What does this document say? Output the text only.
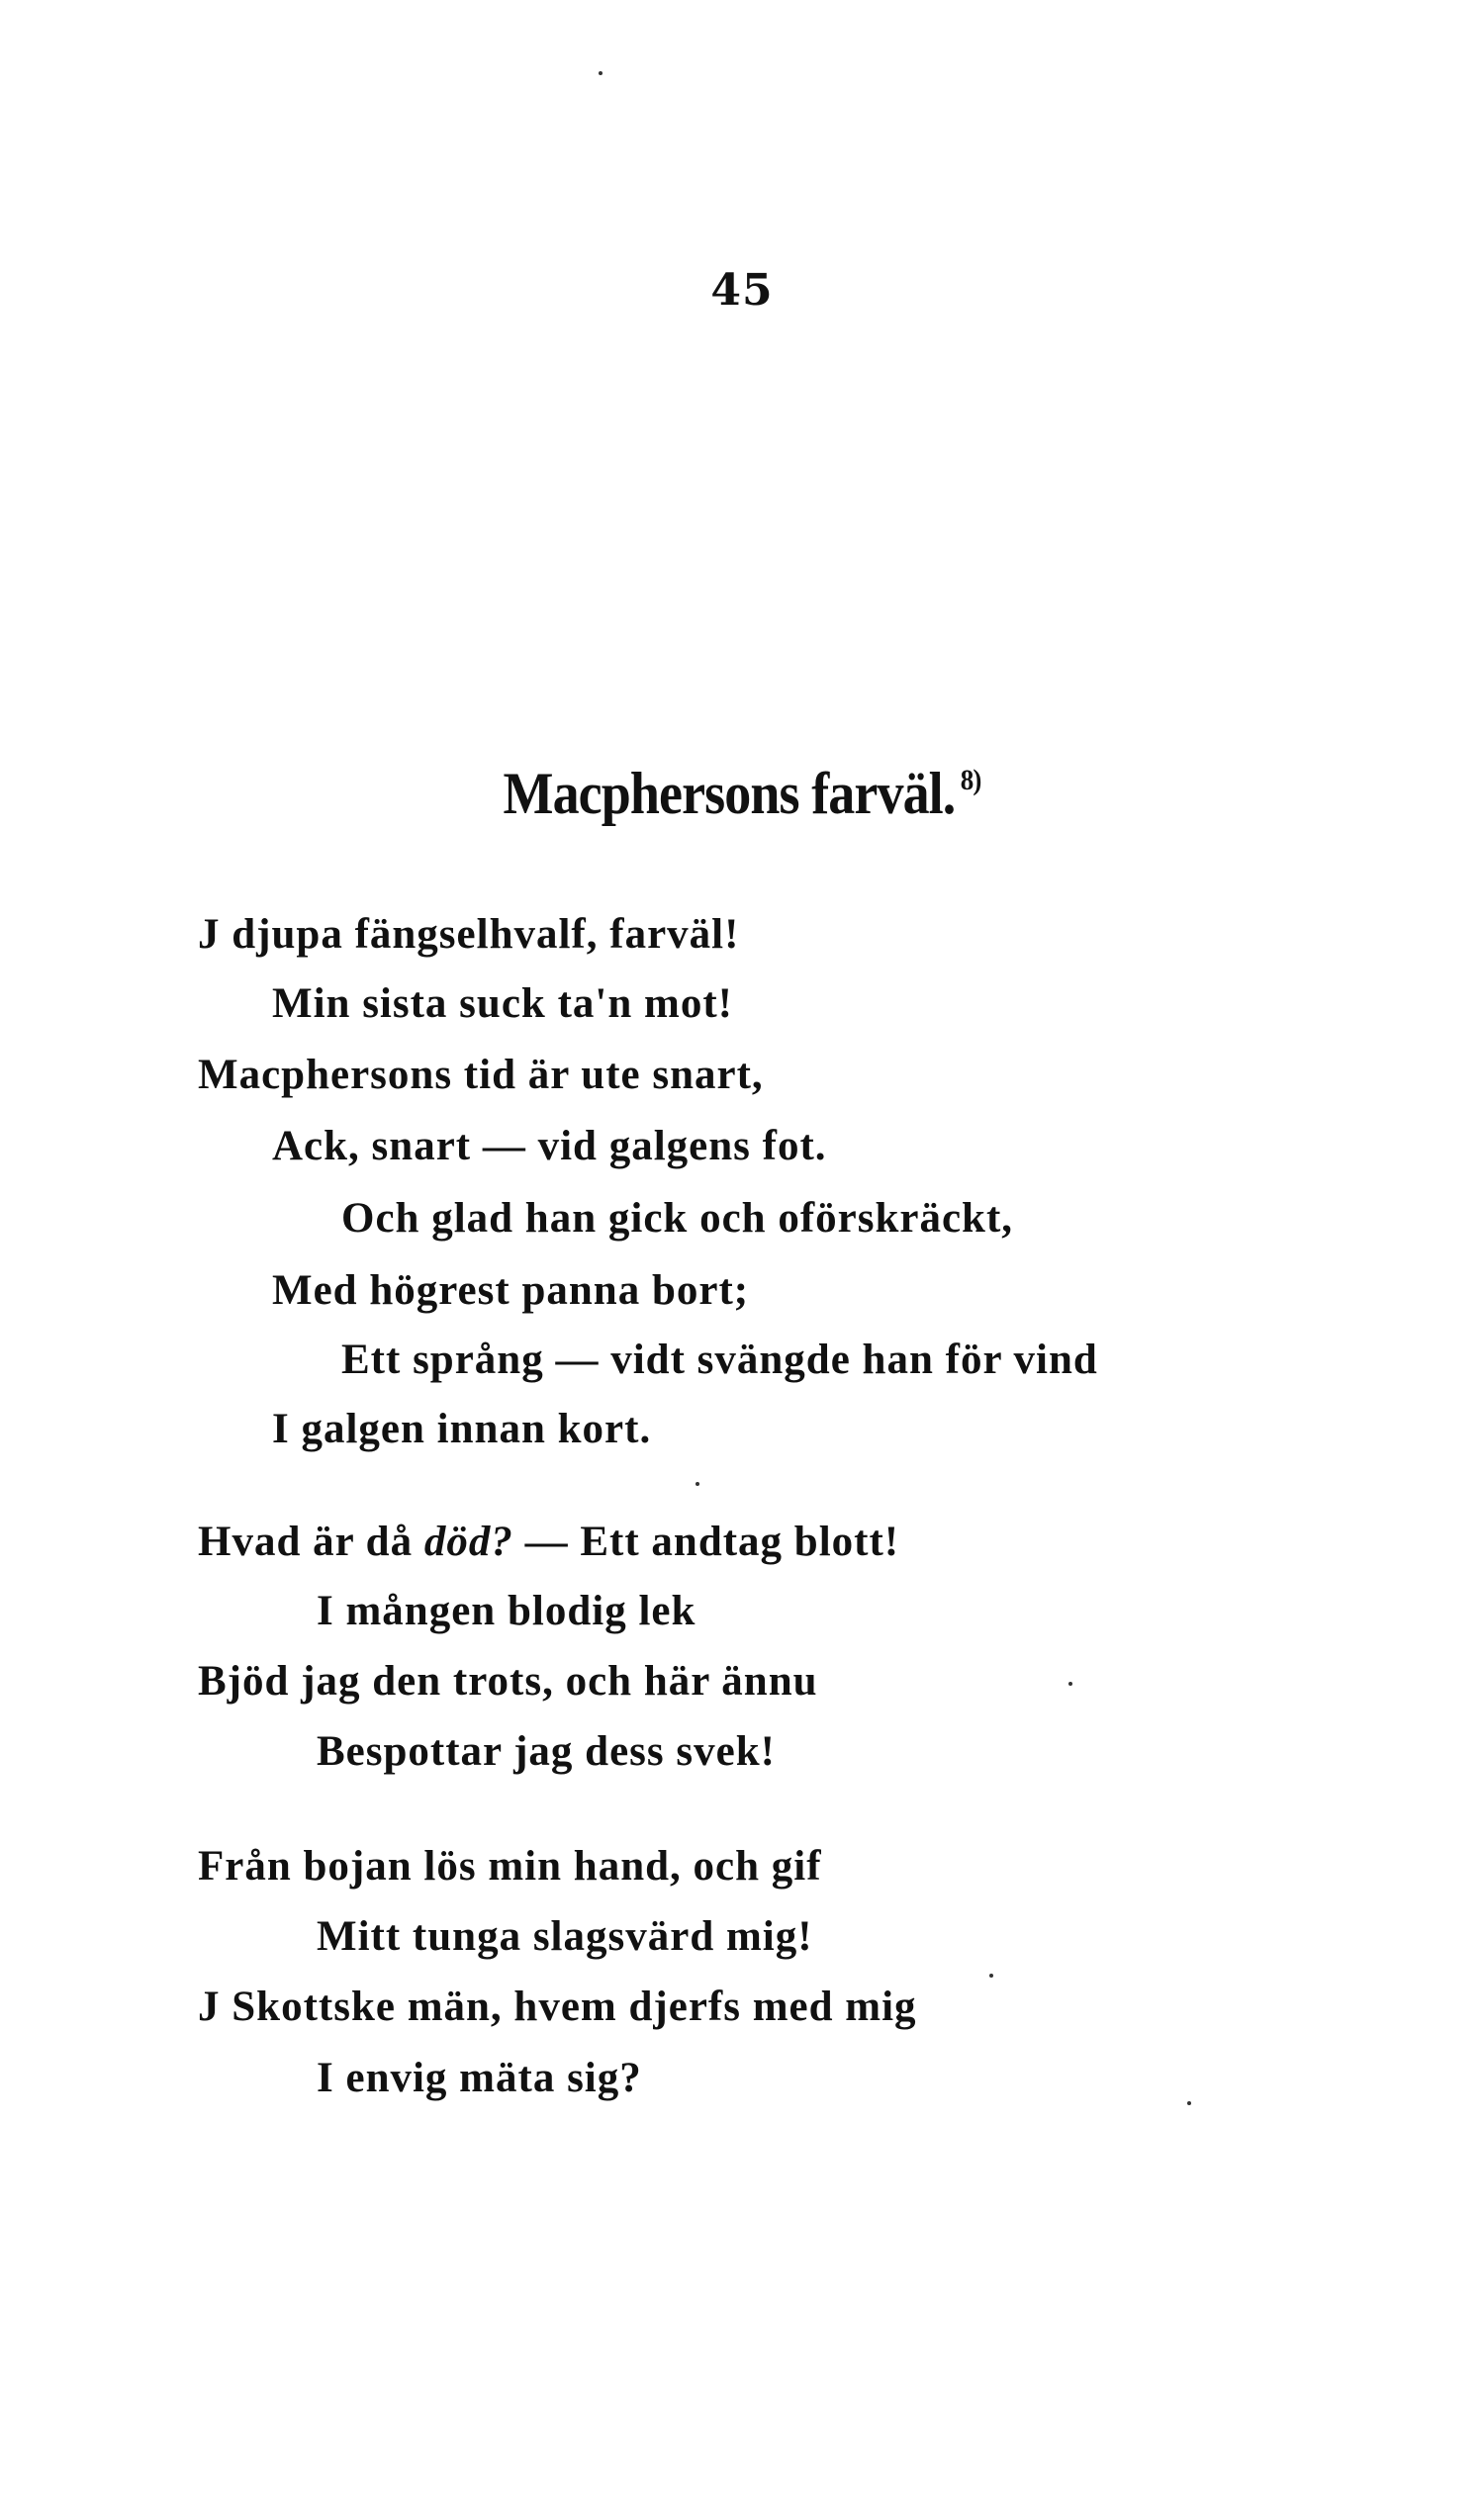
45
Macphersons farväl. $^{8)}$
J djupa fängselhvalf, farväl!
Min sista suck ta'n mot!
Macphersons tid är ute snart,
Ack, snart — vid galgens fot.
Och glad han gick och oförskräckt,
Med högrest panna bort;
Ett språng — vidt svängde han för vind
I galgen innan kort.
Hvad är då död? — Ett andtag blott!
I mången blodig lek
Bjöd jag den trots, och här ännu
Bespottar jag dess svek!
Från bojan lös min hand, och gif
Mitt tunga slagsvärd mig!
J Skottske män, hvem djerfs med mig
I envig mäta sig?
